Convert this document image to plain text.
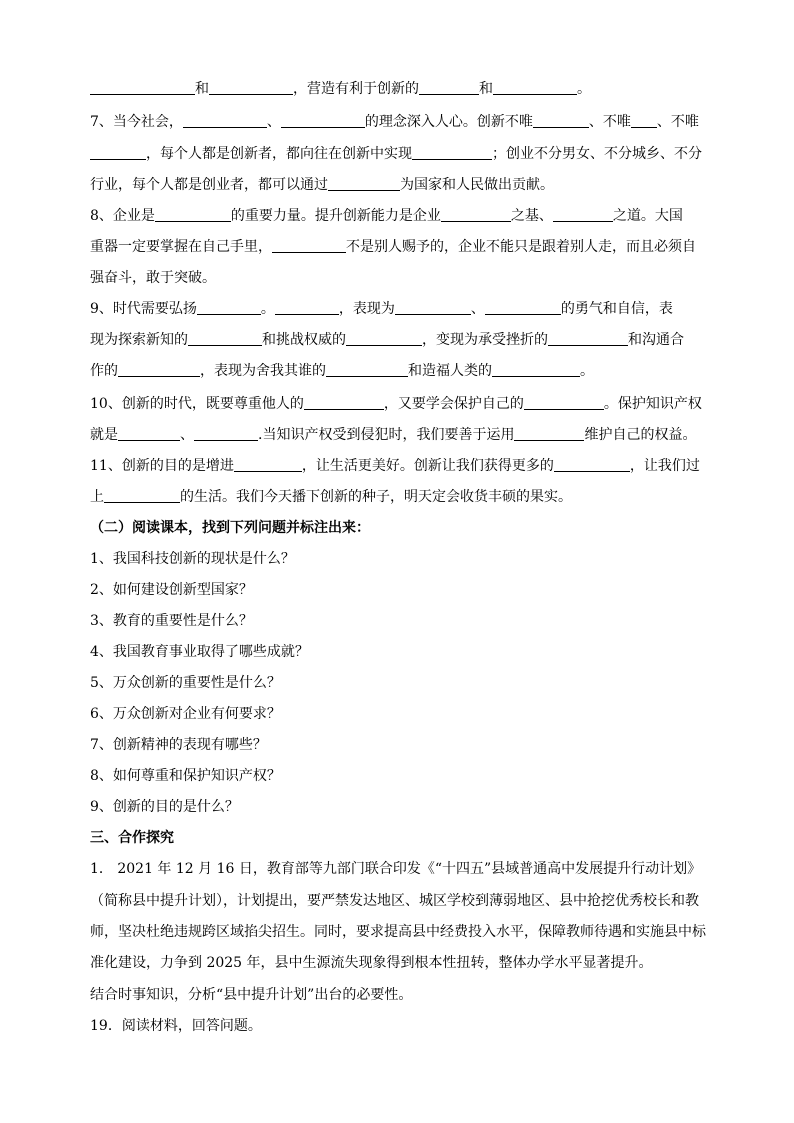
和	，营造有利于创新的	和	。
7、当今社会，	、	的理念深入人心。创新不唯	、不唯 、不唯
，每个人都是创新者，都向往在创新中实现	；创业不分男女、不分城乡、不分
行业，每个人都是创业者，都可以通过	为国家和人民做出贡献。
8、企业是	的重要力量。提升创新能力是企业	之基、	之道。大国
重器一定要掌握在自己手里，	不是别人赐予的，企业不能只是跟着别人走，而且必须自
强奋斗，敢于突破。
9、时代需要弘扬	。	，表现为	、	的勇气和自信，表
现为探索新知的	和挑战权威的	，变现为承受挫折的	和沟通合
作的	，表现为舍我其谁的	和造福人类的	。
10、创新的时代，既要尊重他人的	，又要学会保护自己的	。保护知识产权
就是	、	.当知识产权受到侵犯时，我们要善于运用	维护自己的权益。
11、创新的目的是增进	，让生活更美好。创新让我们获得更多的	，让我们过
上	的生活。我们今天播下创新的种子，明天定会收货丰硕的果实。
（二）阅读课本，找到下列问题并标注出来：
1、我国科技创新的现状是什么？
2、如何建设创新型国家？
3、教育的重要性是什么？
4、我国教育事业取得了哪些成就？
5、万众创新的重要性是什么？
6、万众创新对企业有何要求？
7、创新精神的表现有哪些？
8、如何尊重和保护知识产权？
9、创新的目的是什么？
三、合作探究
1． 2021 年 12 月 16 日，教育部等九部门联合印发《“十四五”县域普通高中发展提升行动计划》
（简称县中提升计划），计划提出，要严禁发达地区、城区学校到薄弱地区、县中抢挖优秀校长和教
师，坚决杜绝违规跨区域掐尖招生。同时，要求提高县中经费投入水平，保障教师待遇和实施县中标
准化建设，力争到 2025 年，县中生源流失现象得到根本性扭转，整体办学水平显著提升。
结合时事知识，分析“县中提升计划”出台的必要性。
19．阅读材料，回答问题。
